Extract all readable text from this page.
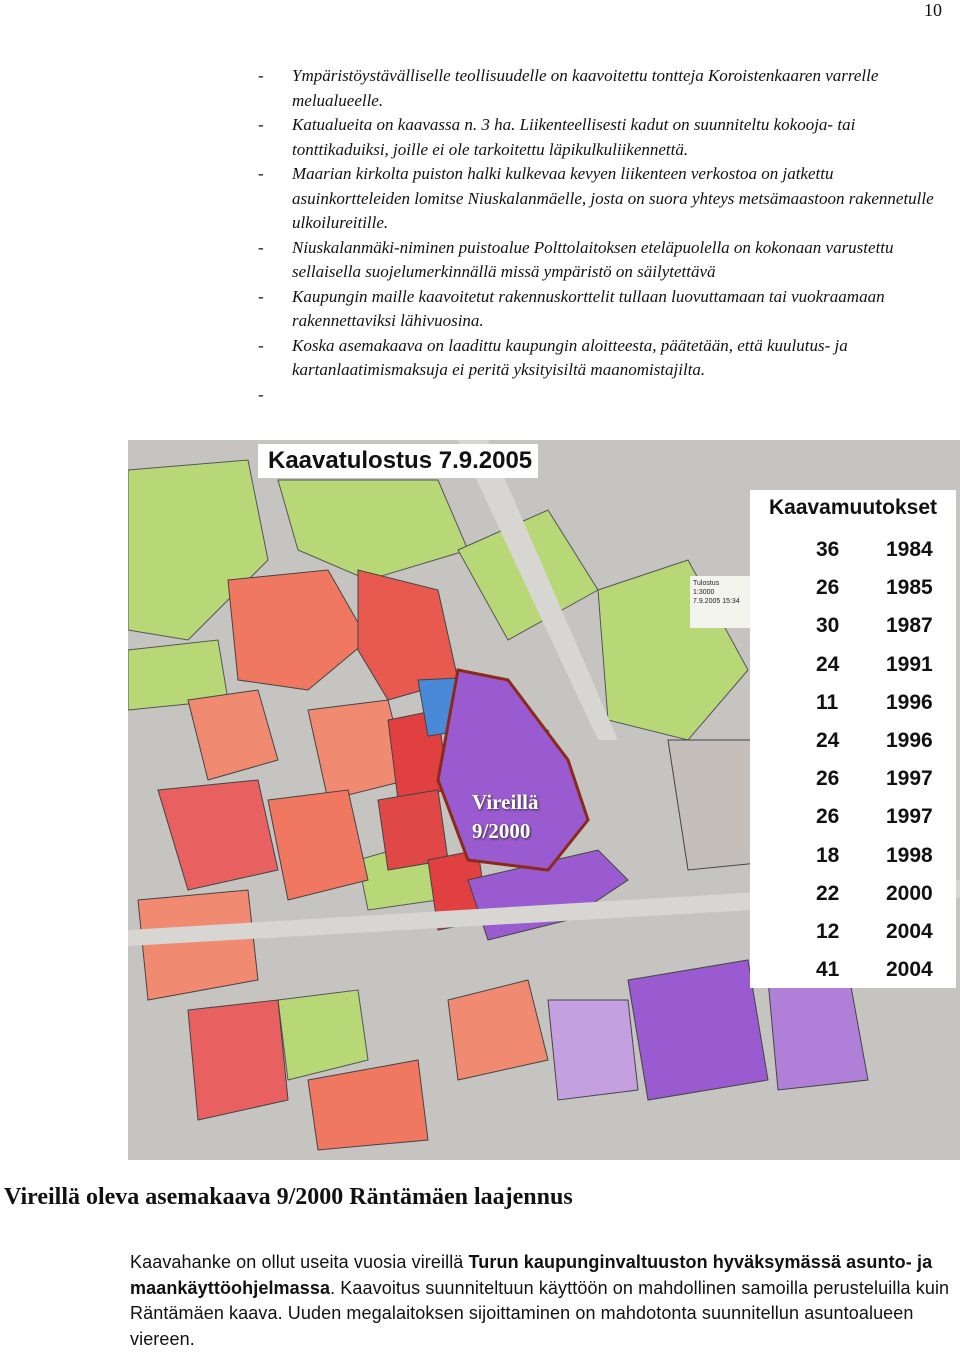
10
- Ympäristöystävälliselle teollisuudelle on kaavoitettu tontteja Koroistenkaaren varrelle melualueelle.
- Katualueita on kaavassa n. 3 ha. Liikenteellisesti kadut on suunniteltu kokooja- tai tonttikaduiksi, joille ei ole tarkoitettu läpikulkuliikennettä.
- Maarian kirkolta puiston halki kulkevaa kevyen liikenteen verkostoa on jatkettu asuinkortteleiden lomitse Niuskalanmäelle, josta on suora yhteys metsämaastoon rakennetulle ulkoilureitille.
- Niuskalanmäki-niminen puistoalue Polttolaitoksen eteläpuolella on kokonaan varustettu sellaisella suojelumerkinnällä missä ympäristö on säilytettävä
- Kaupungin maille kaavoitetut rakennuskorttelit tullaan luovuttamaan tai vuokraamaan rakennettaviksi lähivuosina.
- Koska asemakaava on laadittu kaupungin aloitteesta, päätetään, että kuulutus- ja kartanlaatimismaksuja ei peritä yksityisiltä maanomistajilta.
-
Kaavatulostus 7.9.2005
Tulostus
1:3000
7.9.2005 15:34
Vireillä
9/2000
Kaavamuutokset
36	1984
26	1985
30	1987
24	1991
11	1996
24	1996
26	1997
26	1997
18	1998
22	2000
12	2004
41	2004
Vireillä oleva asemakaava 9/2000 Räntämäen laajennus

Kaavahanke on ollut useita vuosia vireillä Turun kaupunginvaltuuston hyväksymässä asunto- ja maankäyttöohjelmassa. Kaavoitus suunniteltuun käyttöön on mahdollinen samoilla perusteluilla kuin Räntämäen kaava. Uuden megalaitoksen sijoittaminen on mahdotonta suunnitellun asuntoalueen viereen.
